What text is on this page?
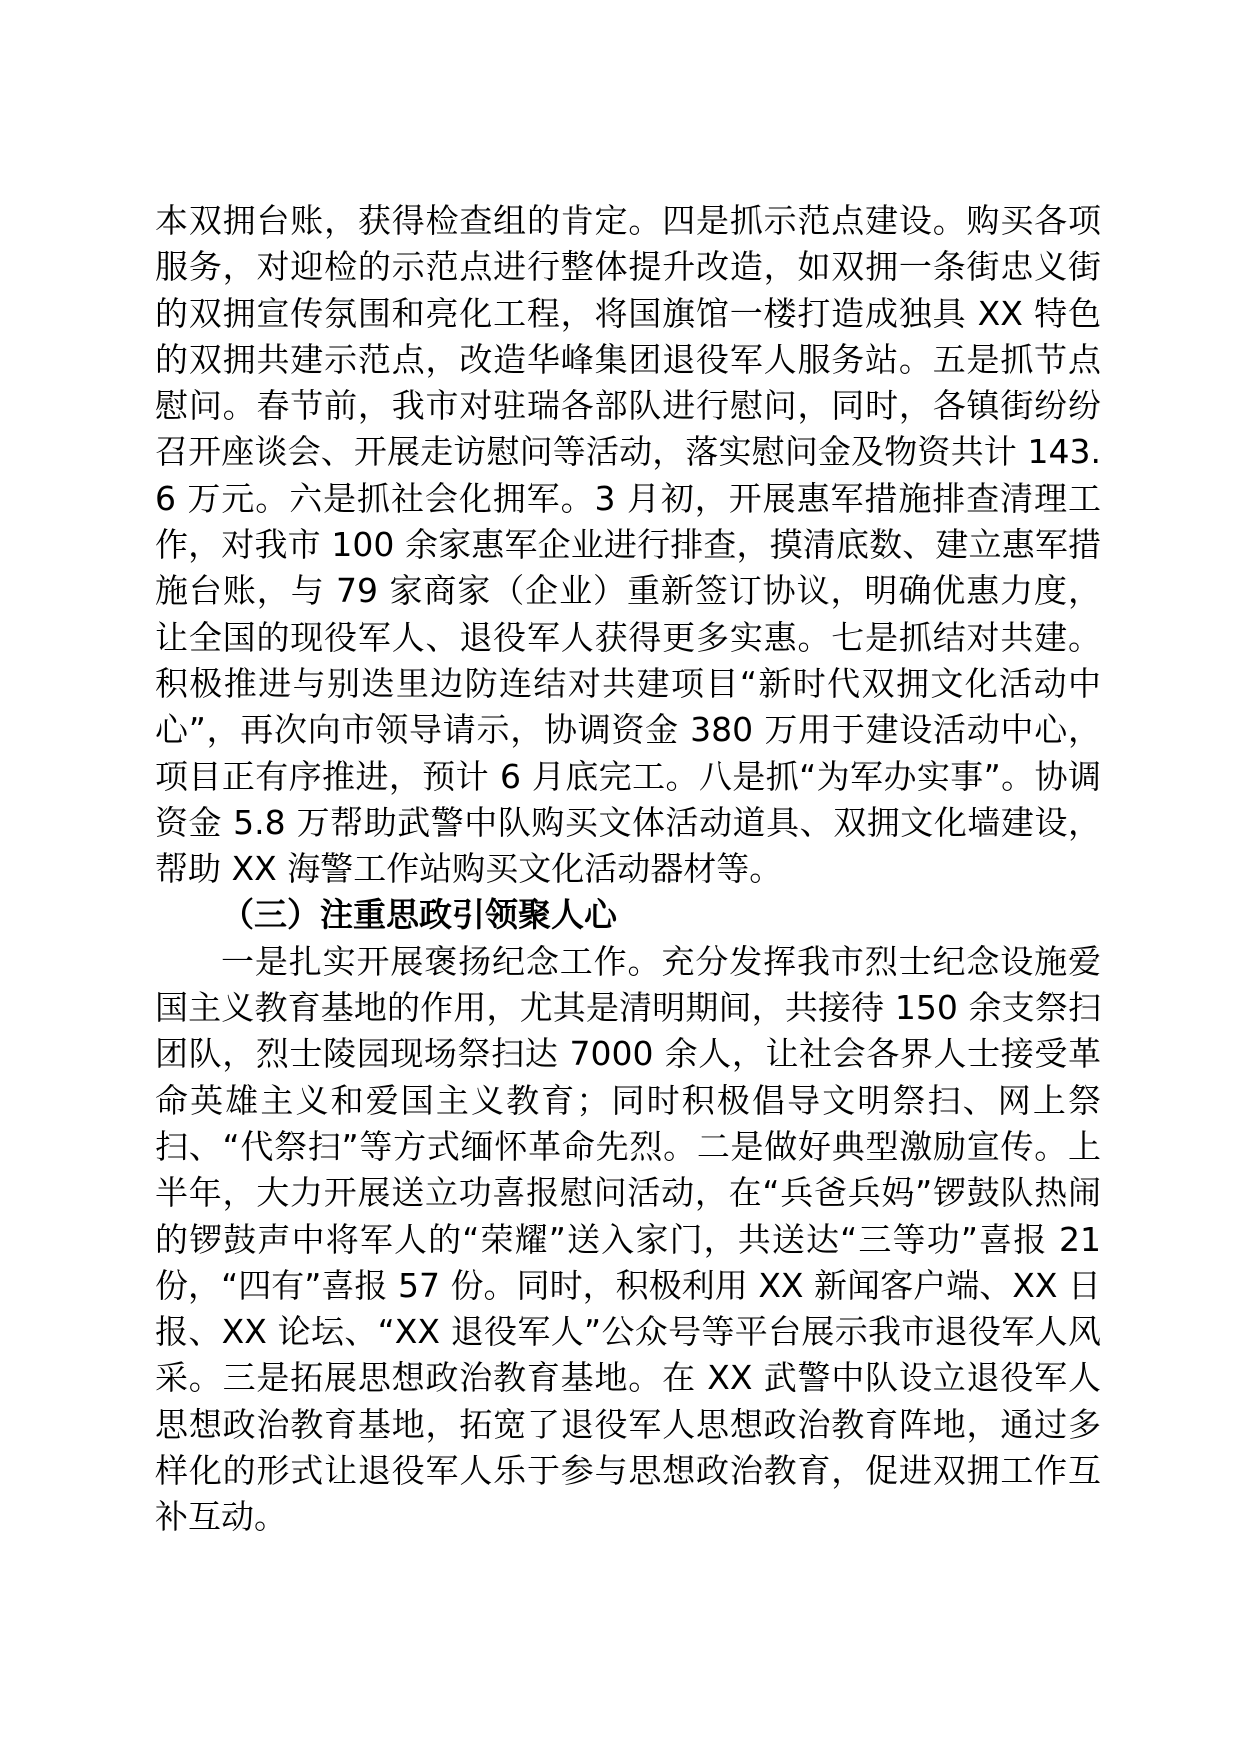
本双拥台账，获得检查组的肯定。四是抓示范点建设。购买各项服务，对迎检的示范点进行整体提升改造，如双拥一条街忠义街的双拥宣传氛围和亮化工程，将国旗馆一楼打造成独具 XX 特色的双拥共建示范点，改造华峰集团退役军人服务站。五是抓节点慰问。春节前，我市对驻瑞各部队进行慰问，同时，各镇街纷纷召开座谈会、开展走访慰问等活动，落实慰问金及物资共计 143.6 万元。六是抓社会化拥军。3 月初，开展惠军措施排查清理工作，对我市 100 余家惠军企业进行排查，摸清底数、建立惠军措施台账，与 79 家商家（企业）重新签订协议，明确优惠力度，让全国的现役军人、退役军人获得更多实惠。七是抓结对共建。积极推进与别迭里边防连结对共建项目“新时代双拥文化活动中心”，再次向市领导请示，协调资金 380 万用于建设活动中心，项目正有序推进，预计 6 月底完工。八是抓“为军办实事”。协调资金 5.8 万帮助武警中队购买文体活动道具、双拥文化墙建设，帮助 XX 海警工作站购买文化活动器材等。

（三）注重思政引领聚人心

一是扎实开展褒扬纪念工作。充分发挥我市烈士纪念设施爱国主义教育基地的作用，尤其是清明期间，共接待 150 余支祭扫团队，烈士陵园现场祭扫达 7000 余人，让社会各界人士接受革命英雄主义和爱国主义教育；同时积极倡导文明祭扫、网上祭扫、“代祭扫”等方式缅怀革命先烈。二是做好典型激励宣传。上半年，大力开展送立功喜报慰问活动，在“兵爸兵妈”锣鼓队热闹的锣鼓声中将军人的“荣耀”送入家门，共送达“三等功”喜报 21 份，“四有”喜报 57 份。同时，积极利用 XX 新闻客户端、XX 日报、XX 论坛、“XX 退役军人”公众号等平台展示我市退役军人风采。三是拓展思想政治教育基地。在 XX 武警中队设立退役军人思想政治教育基地，拓宽了退役军人思想政治教育阵地，通过多样化的形式让退役军人乐于参与思想政治教育，促进双拥工作互补互动。
